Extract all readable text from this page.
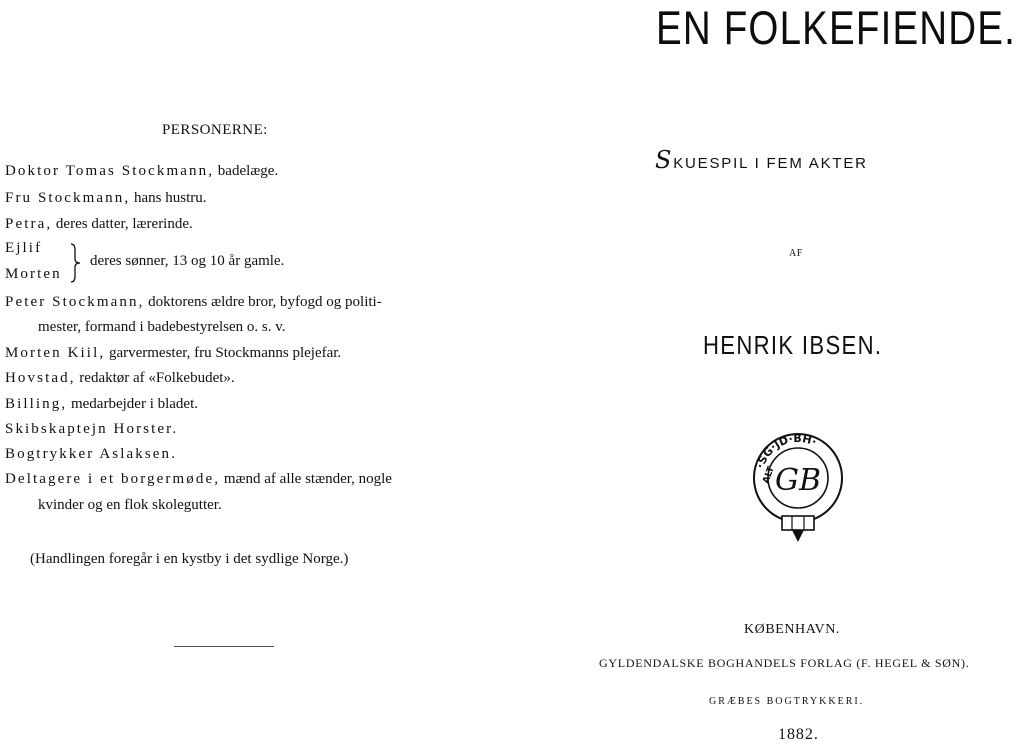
EN FOLKEFIENDE.
PERSONERNE:
Doktor Tomas Stockmann, badelæge.
Fru Stockmann, hans hustru.
Petra, deres datter, lærerinde.
Ejlif
Morten
deres sønner, 13 og 10 år gamle.
Peter Stockmann, doktorens ældre bror, byfogd og politi-
mester, formand i badebestyrelsen o. s. v.
Morten Kiil, garvermester, fru Stockmanns plejefar.
Hovstad, redaktør af «Folkebudet».
Billing, medarbejder i bladet.
Skibskaptejn Horster.
Bogtrykker Aslaksen.
Deltagere i et borgermøde, mænd af alle stænder, nogle
kvinder og en flok skolegutter.
(Handlingen foregår i en kystby i det sydlige Norge.)
SKUESPIL I FEM AKTER
AF
HENRIK IBSEN.
·SG·JD·BH·
ALT
GB
KØBENHAVN.
GYLDENDALSKE BOGHANDELS FORLAG (F. HEGEL & SØN).
GRÆBES BOGTRYKKERI.
1882.
